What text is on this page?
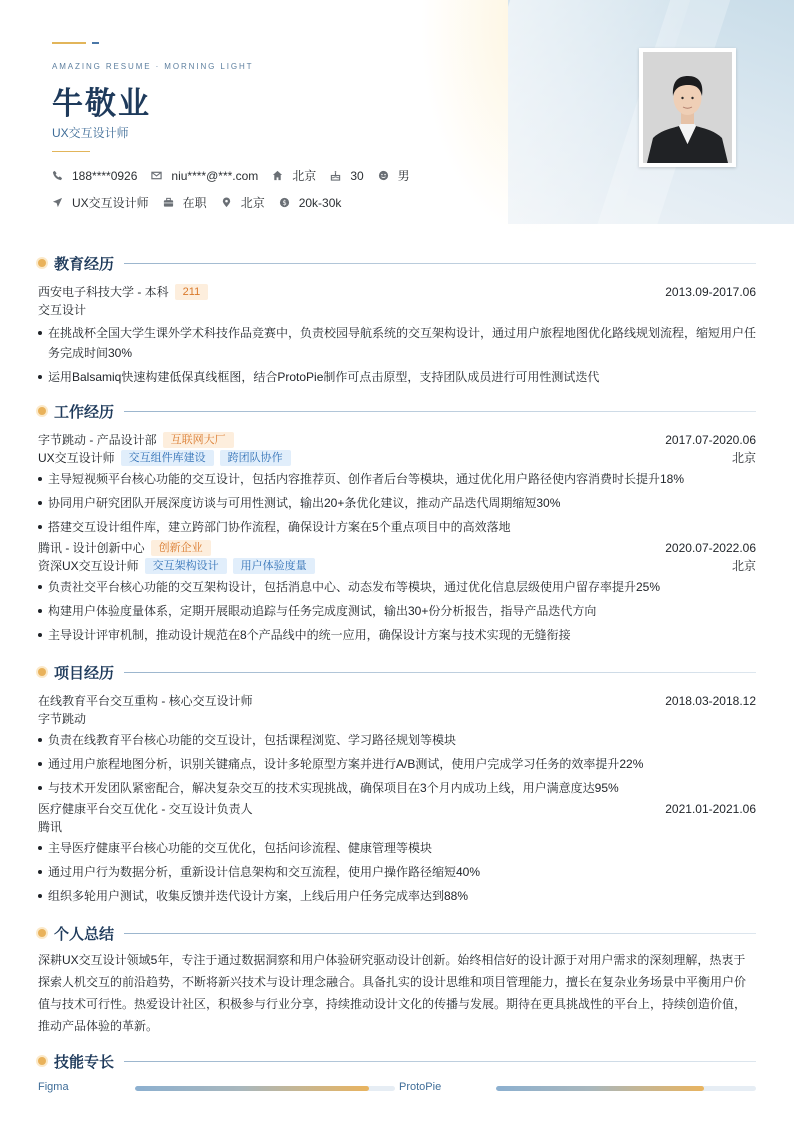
AMAZING RESUME · MORNING LIGHT
牛敬业
UX交互设计师
188****0926	niu****@***.com	北京	30	男
UX交互设计师	在职	北京 $ 20k-30k
教育经历
西安电子科技大学 - 本科	211	2013.09-2017.06
交互设计
在挑战杯全国大学生课外学术科技作品竞赛中，负责校园导航系统的交互架构设计，通过用户旅程地图优化路线规划流程，缩短用户任务完成时间30%
运用Balsamiq快速构建低保真线框图，结合ProtoPie制作可点击原型，支持团队成员进行可用性测试迭代
工作经历
字节跳动 - 产品设计部	互联网大厂	2017.07-2020.06
UX交互设计师	交互组件库建设	跨团队协作	北京
主导短视频平台核心功能的交互设计，包括内容推荐页、创作者后台等模块，通过优化用户路径使内容消费时长提升18%
协同用户研究团队开展深度访谈与可用性测试，输出20+条优化建议，推动产品迭代周期缩短30%
搭建交互设计组件库，建立跨部门协作流程，确保设计方案在5个重点项目中的高效落地
腾讯 - 设计创新中心	创新企业	2020.07-2022.06
资深UX交互设计师	交互架构设计	用户体验度量	北京
负责社交平台核心功能的交互架构设计，包括消息中心、动态发布等模块，通过优化信息层级使用户留存率提升25%
构建用户体验度量体系，定期开展眼动追踪与任务完成度测试，输出30+份分析报告，指导产品迭代方向
主导设计评审机制，推动设计规范在8个产品线中的统一应用，确保设计方案与技术实现的无缝衔接
项目经历
在线教育平台交互重构 - 核心交互设计师	2018.03-2018.12
字节跳动
负责在线教育平台核心功能的交互设计，包括课程浏览、学习路径规划等模块
通过用户旅程地图分析，识别关键痛点，设计多轮原型方案并进行A/B测试，使用户完成学习任务的效率提升22%
与技术开发团队紧密配合，解决复杂交互的技术实现挑战，确保项目在3个月内成功上线，用户满意度达95%
医疗健康平台交互优化 - 交互设计负责人	2021.01-2021.06
腾讯
主导医疗健康平台核心功能的交互优化，包括问诊流程、健康管理等模块
通过用户行为数据分析，重新设计信息架构和交互流程，使用户操作路径缩短40%
组织多轮用户测试，收集反馈并迭代设计方案，上线后用户任务完成率达到88%
个人总结

深耕UX交互设计领域5年，专注于通过数据洞察和用户体验研究驱动设计创新。始终相信好的设计源于对用户需求的深刻理解，热衷于探索人机交互的前沿趋势，不断将新兴技术与设计理念融合。具备扎实的设计思维和项目管理能力，擅长在复杂业务场景中平衡用户价值与技术可行性。热爱设计社区，积极参与行业分享，持续推动设计文化的传播与发展。期待在更具挑战性的平台上，持续创造价值，推动产品体验的革新。

技能专长
Figma	ProtoPie
